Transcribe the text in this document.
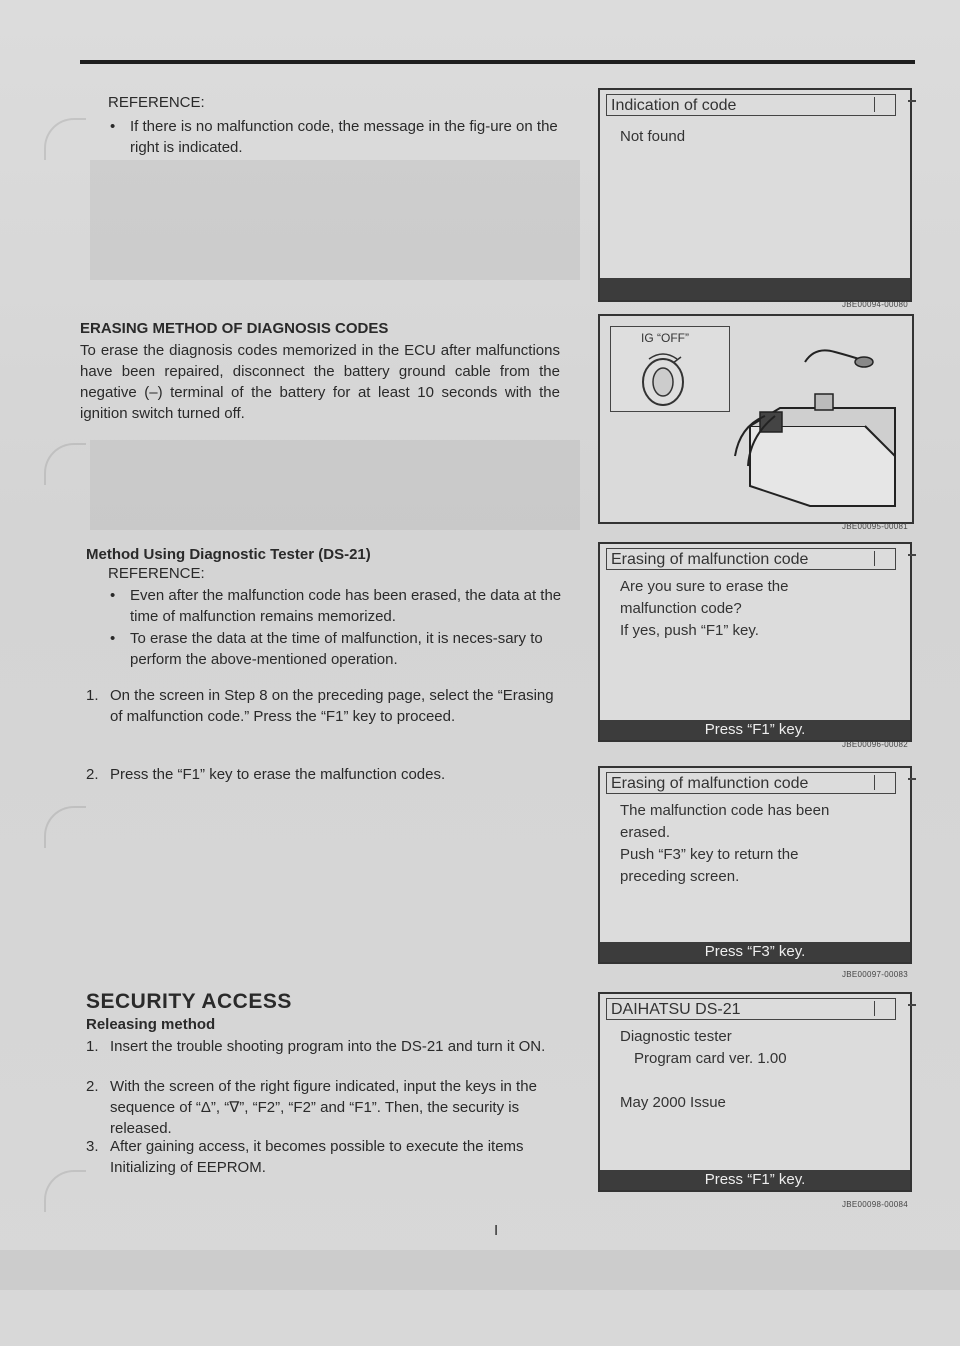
REFERENCE:
• If there is no malfunction code, the message in the fig-ure on the right is indicated.
ERASING METHOD OF DIAGNOSIS CODES
To erase the diagnosis codes memorized in the ECU after malfunctions have been repaired, disconnect the battery ground cable from the negative (–) terminal of the battery for at least 10 seconds with the ignition switch turned off.
Method Using Diagnostic Tester (DS-21)
REFERENCE:
• Even after the malfunction code has been erased, the data at the time of malfunction remains memorized.
• To erase the data at the time of malfunction, it is neces-sary to perform the above-mentioned operation.
1. On the screen in Step 8 on the preceding page, select the “Erasing of malfunction code.” Press the “F1” key to proceed.
2. Press the “F1” key to erase the malfunction codes.
SECURITY ACCESS
Releasing method
1. Insert the trouble shooting program into the DS-21 and turn it ON.
2. With the screen of the right figure indicated, input the keys in the sequence of “Δ”, “∇”, “F2”, “F2” and “F1”. Then, the security is released.
3. After gaining access, it becomes possible to execute the items Initializing of EEPROM.
I
Indication of code
Not found
JBE00094-00080
IG “OFF”
JBE00095-00081
Erasing of malfunction code
Are you sure to erase the
malfunction code?
If yes, push “F1” key.
Press “F1” key.
JBE00096-00082
Erasing of malfunction code
The malfunction code has been
erased.
Push “F3” key to return the
preceding screen.
Press “F3” key.
JBE00097-00083
DAIHATSU DS-21
Diagnostic tester
Program card ver. 1.00
May 2000 Issue
Press “F1” key.
JBE00098-00084
